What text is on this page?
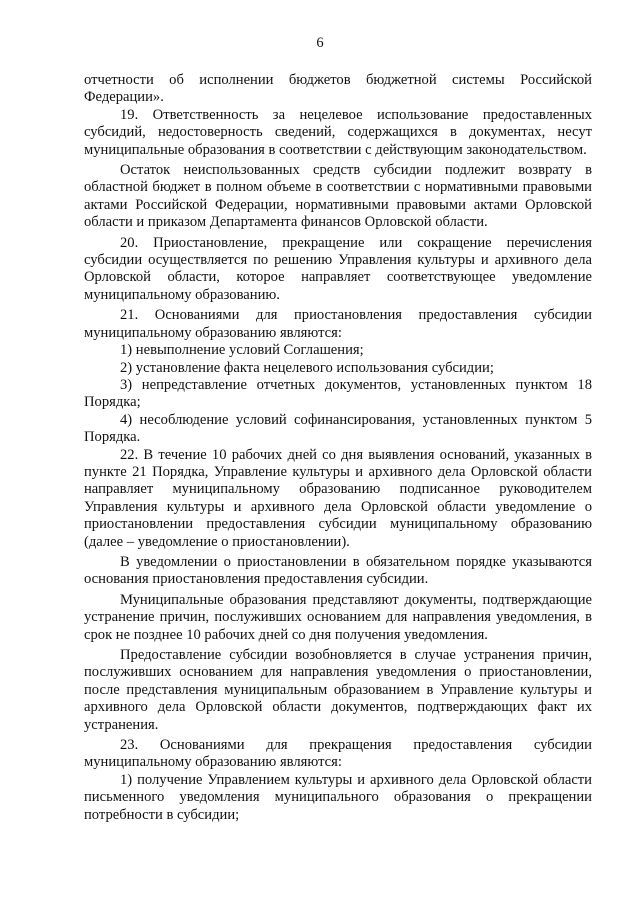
6

отчетности об исполнении бюджетов бюджетной системы Российской Федерации».

19. Ответственность за нецелевое использование предоставленных субсидий, недостоверность сведений, содержащихся в документах, несут муниципальные образования в соответствии с действующим законодательством.

Остаток неиспользованных средств субсидии подлежит возврату в областной бюджет в полном объеме в соответствии с нормативными правовыми актами Российской Федерации, нормативными правовыми актами Орловской области и приказом Департамента финансов Орловской области.

20. Приостановление, прекращение или сокращение перечисления субсидии осуществляется по решению Управления культуры и архивного дела Орловской области, которое направляет соответствующее уведомление муниципальному образованию.

21. Основаниями для приостановления предоставления субсидии муниципальному образованию являются:

1) невыполнение условий Соглашения;

2) установление факта нецелевого использования субсидии;

3) непредставление отчетных документов, установленных пунктом 18 Порядка;

4) несоблюдение условий софинансирования, установленных пунктом 5 Порядка.

22. В течение 10 рабочих дней со дня выявления оснований, указанных в пункте 21 Порядка, Управление культуры и архивного дела Орловской области направляет муниципальному образованию подписанное руководителем Управления культуры и архивного дела Орловской области уведомление о приостановлении предоставления субсидии муниципальному образованию (далее – уведомление о приостановлении).

В уведомлении о приостановлении в обязательном порядке указываются основания приостановления предоставления субсидии.

Муниципальные образования представляют документы, подтверждающие устранение причин, послуживших основанием для направления уведомления, в срок не позднее 10 рабочих дней со дня получения уведомления.

Предоставление субсидии возобновляется в случае устранения причин, послуживших основанием для направления уведомления о приостановлении, после представления муниципальным образованием в Управление культуры и архивного дела Орловской области документов, подтверждающих факт их устранения.

23. Основаниями для прекращения предоставления субсидии муниципальному образованию являются:

1) получение Управлением культуры и архивного дела Орловской области письменного уведомления муниципального образования о прекращении потребности в субсидии;
